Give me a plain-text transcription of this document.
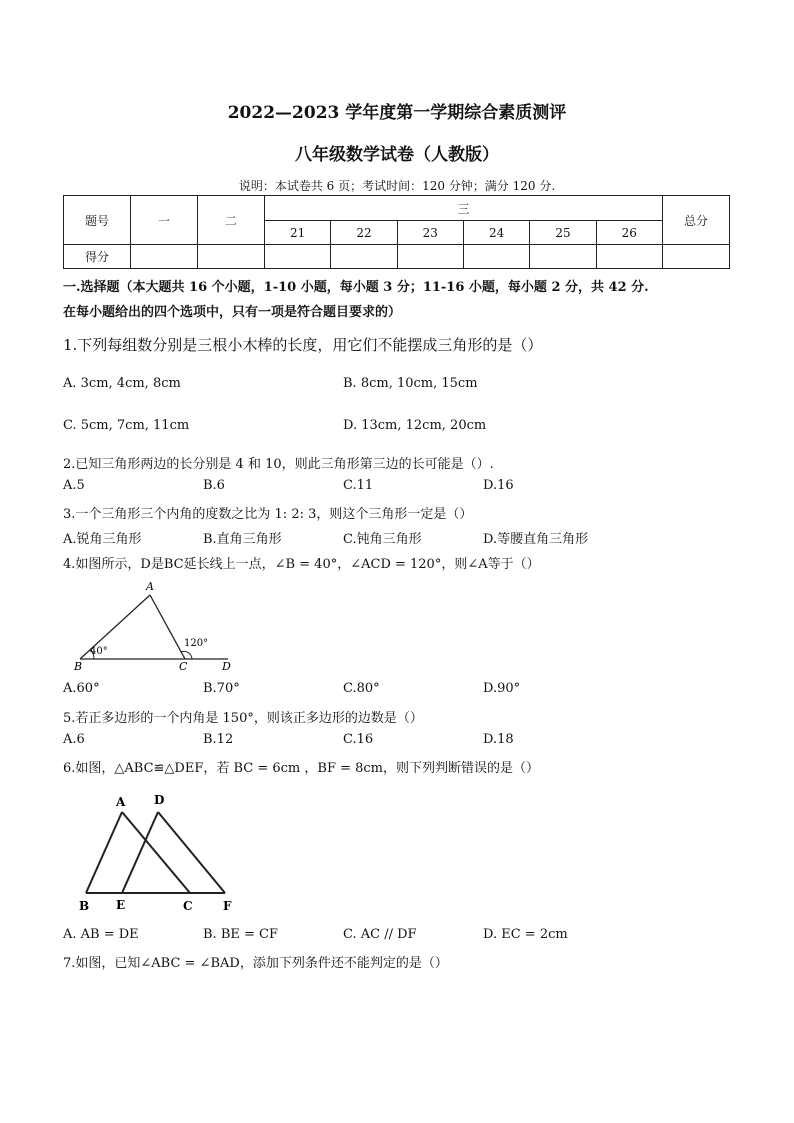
2022—2023 学年度第一学期综合素质测评
八年级数学试卷（人教版）
说明：本试卷共 6 页；考试时间：120 分钟；满分 120 分.
题号	一	二	三						总分
			21	22	23	24	25	26	
得分									
一.选择题（本大题共 16 个小题，1-10 小题，每小题 3 分；11-16 小题，每小题 2 分，共 42 分.
在每小题给出的四个选项中，只有一项是符合题目要求的）
1.下列每组数分别是三根小木棒的长度，用它们不能摆成三角形的是（）
A. 3cm, 4cm, 8cm	B. 8cm, 10cm, 15cm
C. 5cm, 7cm, 11cm	D. 13cm, 12cm, 20cm
2.已知三角形两边的长分别是 4 和 10，则此三角形第三边的长可能是（）.
A.5	B.6	C.11	D.16
3.一个三角形三个内角的度数之比为 1: 2: 3，则这个三角形一定是（）
A.锐角三角形	B.直角三角形	C.钝角三角形	D.等腰直角三角形
4.如图所示，D是BC延长线上一点，∠B = 40°，∠ACD = 120°，则∠A等于（）
A
B	C	D
40°
120°
A.60°	B.70°	C.80°	D.90°
5.若正多边形的一个内角是 150°，则该正多边形的边数是（）
A.6	B.12	C.16	D.18
6.如图，△ABC≌△DEF，若 BC = 6cm ，BF = 8cm，则下列判断错误的是（）
A D
B E	C	F
A. AB = DE	B. BE = CF	C. AC // DF	D. EC = 2cm
7.如图，已知∠ABC = ∠BAD，添加下列条件还不能判定的是（）
